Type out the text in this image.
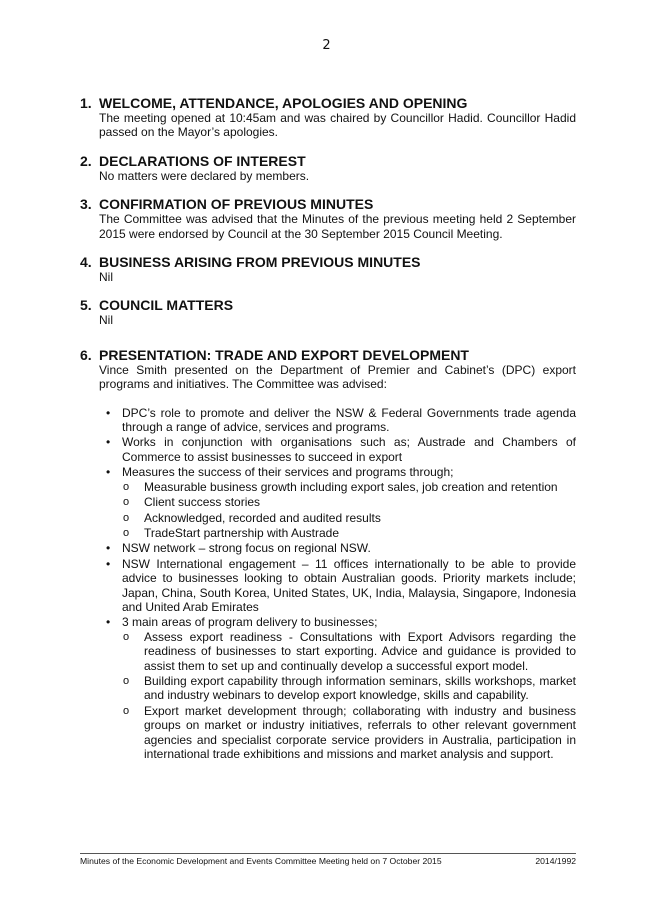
2
1. WELCOME, ATTENDANCE, APOLOGIES AND OPENING
The meeting opened at 10:45am and was chaired by Councillor Hadid. Councillor Hadid passed on the Mayor’s apologies.
2. DECLARATIONS OF INTEREST
No matters were declared by members.
3. CONFIRMATION OF PREVIOUS MINUTES
The Committee was advised that the Minutes of the previous meeting held 2 September 2015 were endorsed by Council at the 30 September 2015 Council Meeting.
4. BUSINESS ARISING FROM PREVIOUS MINUTES
Nil
5. COUNCIL MATTERS
Nil
6. PRESENTATION: TRADE AND EXPORT DEVELOPMENT
Vince Smith presented on the Department of Premier and Cabinet’s (DPC) export programs and initiatives. The Committee was advised:
• DPC’s role to promote and deliver the NSW & Federal Governments trade agenda through a range of advice, services and programs.
• Works in conjunction with organisations such as; Austrade and Chambers of Commerce to assist businesses to succeed in export
• Measures the success of their services and programs through;
o Measurable business growth including export sales, job creation and retention
o Client success stories
o Acknowledged, recorded and audited results
o TradeStart partnership with Austrade
• NSW network – strong focus on regional NSW.
• NSW International engagement – 11 offices internationally to be able to provide advice to businesses looking to obtain Australian goods. Priority markets include; Japan, China, South Korea, United States, UK, India, Malaysia, Singapore, Indonesia and United Arab Emirates
• 3 main areas of program delivery to businesses;
o Assess export readiness - Consultations with Export Advisors regarding the readiness of businesses to start exporting. Advice and guidance is provided to assist them to set up and continually develop a successful export model.
o Building export capability through information seminars, skills workshops, market and industry webinars to develop export knowledge, skills and capability.
o Export market development through; collaborating with industry and business groups on market or industry initiatives, referrals to other relevant government agencies and specialist corporate service providers in Australia, participation in international trade exhibitions and missions and market analysis and support.
Minutes of the Economic Development and Events Committee Meeting held on 7 October 2015	2014/1992
